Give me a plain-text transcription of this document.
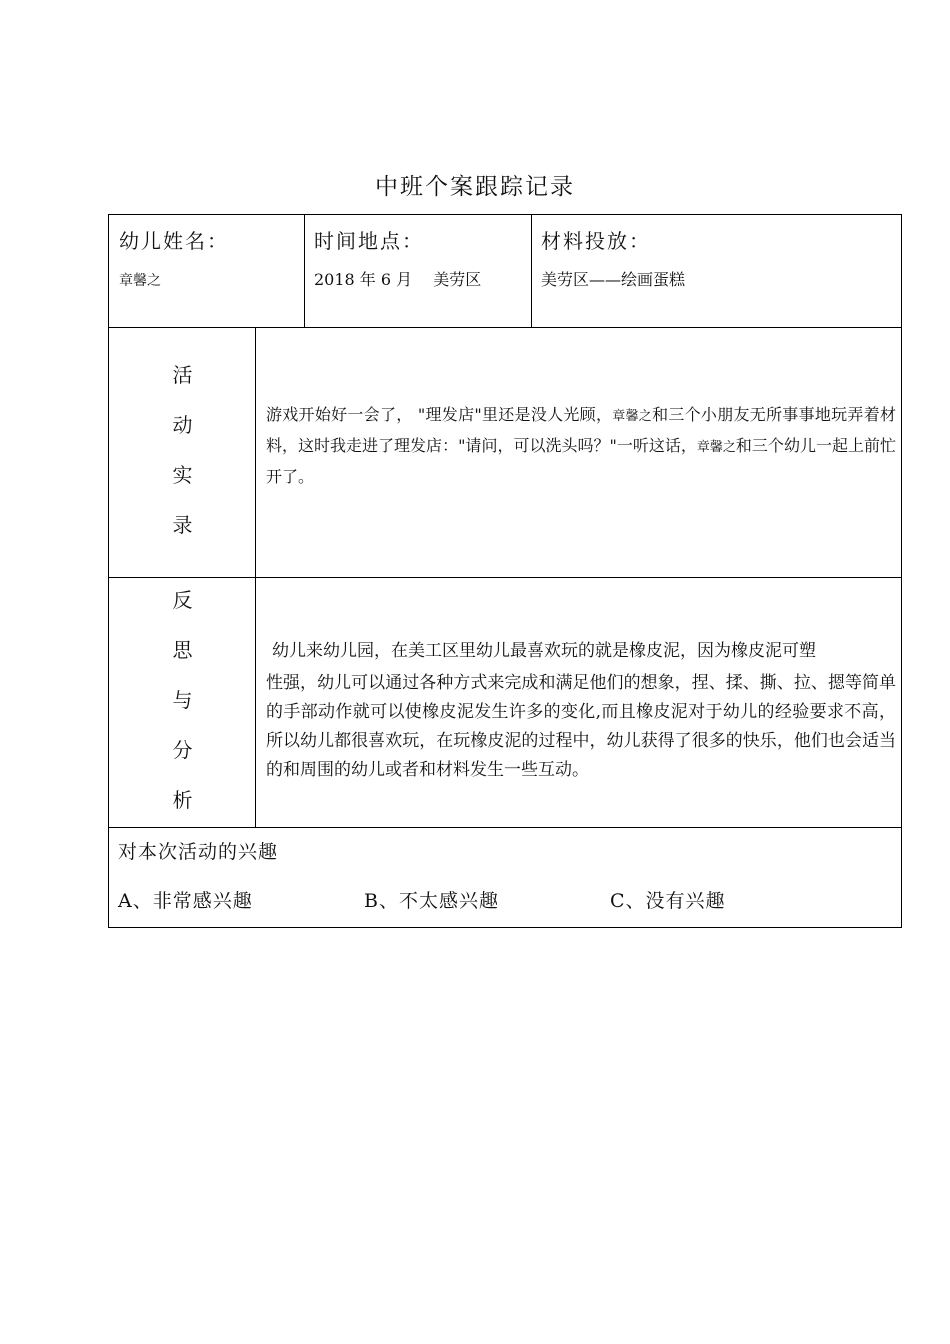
中班个案跟踪记录
幼儿姓名：
章馨之
时间地点：
2018 年 6 月　 美劳区
材料投放：
美劳区——绘画蛋糕
活
动
实
录
游戏开始好一会了， "理发店"里还是没人光顾，章馨之和三个小朋友无所事事地玩弄着材料，这时我走进了理发店："请问，可以洗头吗？"一听这话，章馨之和三个幼儿一起上前忙开了。
反
思
与
分
析
幼儿来幼儿园，在美工区里幼儿最喜欢玩的就是橡皮泥，因为橡皮泥可塑
性强，幼儿可以通过各种方式来完成和满足他们的想象，捏、揉、撕、拉、摁等简单的手部动作就可以使橡皮泥发生许多的变化,而且橡皮泥对于幼儿的经验要求不高，所以幼儿都很喜欢玩，在玩橡皮泥的过程中，幼儿获得了很多的快乐，他们也会适当的和周围的幼儿或者和材料发生一些互动。
对本次活动的兴趣
A、非常感兴趣	B、不太感兴趣	C、没有兴趣
